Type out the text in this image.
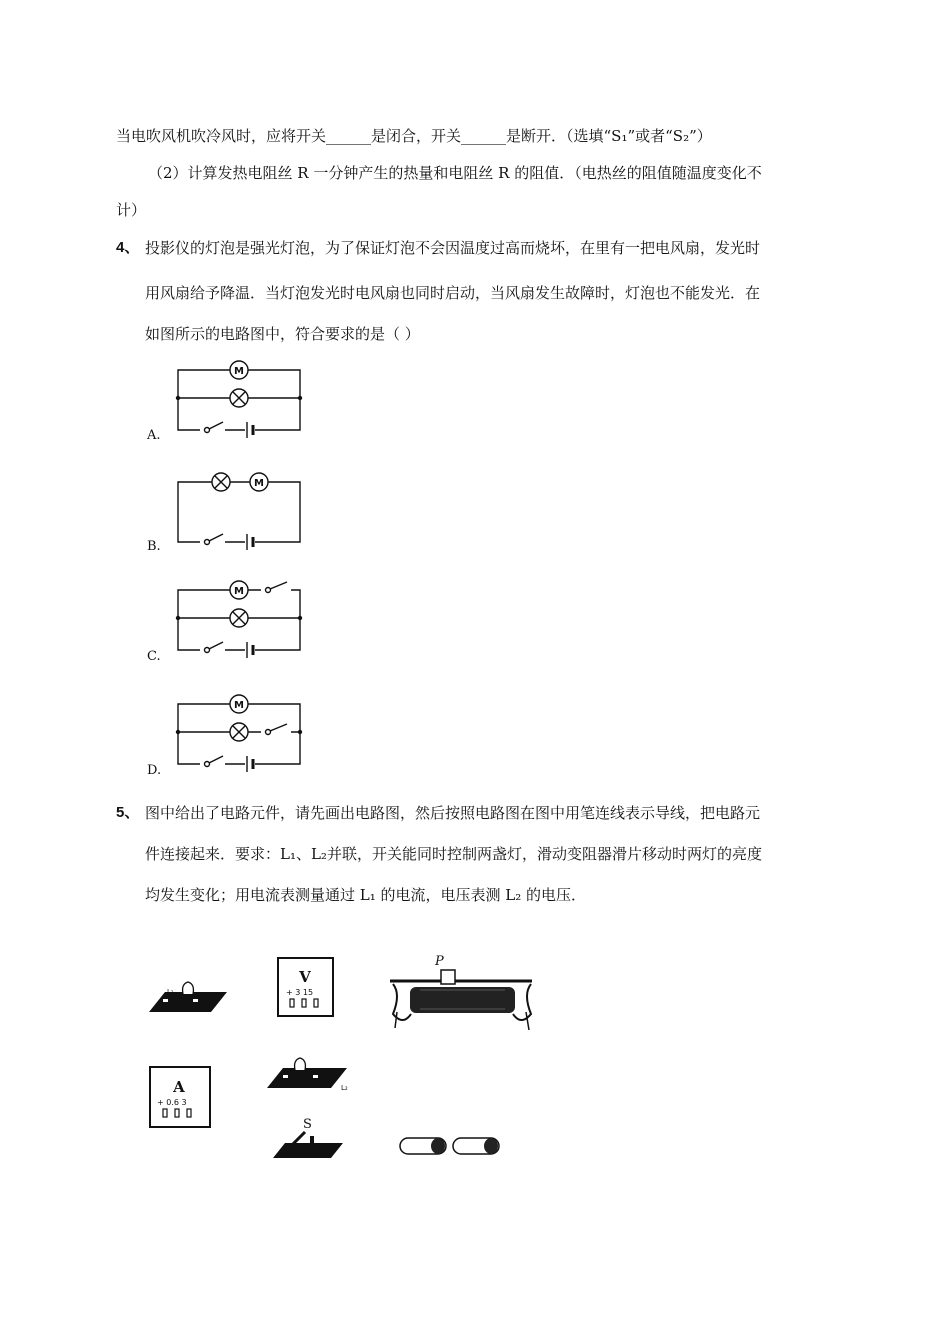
当电吹风机吹冷风时，应将开关______是闭合，开关______是断开．（选填“S₁”或者“S₂”）
（2）计算发热电阻丝 R 一分钟产生的热量和电阻丝 R 的阻值．（电热丝的阻值随温度变化不
计）
4、 投影仪的灯泡是强光灯泡，为了保证灯泡不会因温度过高而烧坏，在里有一把电风扇，发光时
用风扇给予降温．当灯泡发光时电风扇也同时启动，当风扇发生故障时，灯泡也不能发光．在
如图所示的电路图中，符合要求的是（ ）
A.
M
B.
M
C.
M
D.
M
5、 图中给出了电路元件，请先画出电路图，然后按照电路图在图中用笔连线表示导线，把电路元
件连接起来．要求：L₁、L₂并联，开关能同时控制两盏灯，滑动变阻器滑片移动时两灯的亮度
均发生变化；用电流表测量通过 L₁ 的电流，电压表测 L₂ 的电压．
L₁
V
+ 3 15
P
A
+ 0.6 3
L₂
S
